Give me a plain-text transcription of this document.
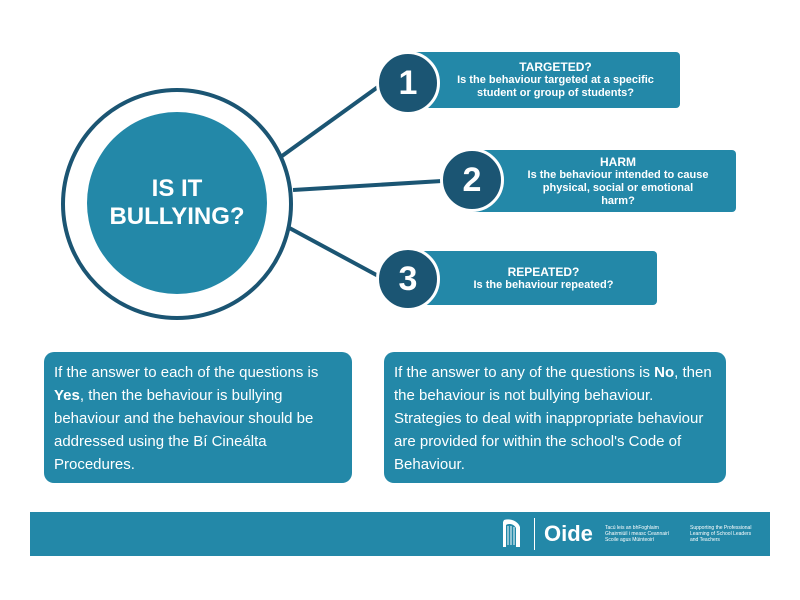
IS IT BULLYING?
TARGETED?
Is the behaviour targeted at a specific
student or group of students?
1
HARM
Is the behaviour intended to cause
physical, social or emotional
harm?
2
REPEATED?
Is the behaviour repeated?
3
If the answer to each of the questions is Yes, then the behaviour is bullying behaviour and the behaviour should be addressed using the Bí Cineálta Procedures.
If the answer to any of the questions is No, then the behaviour is not bullying behaviour. Strategies to deal with inappropriate behaviour are provided for within the school's Code of Behaviour.
Oide Tacú leis an bhFoghlaim
Ghairmiúil i measc Ceannairí
Scoile agus Múinteoirí
Supporting the Professional
Learning of School Leaders
and Teachers
